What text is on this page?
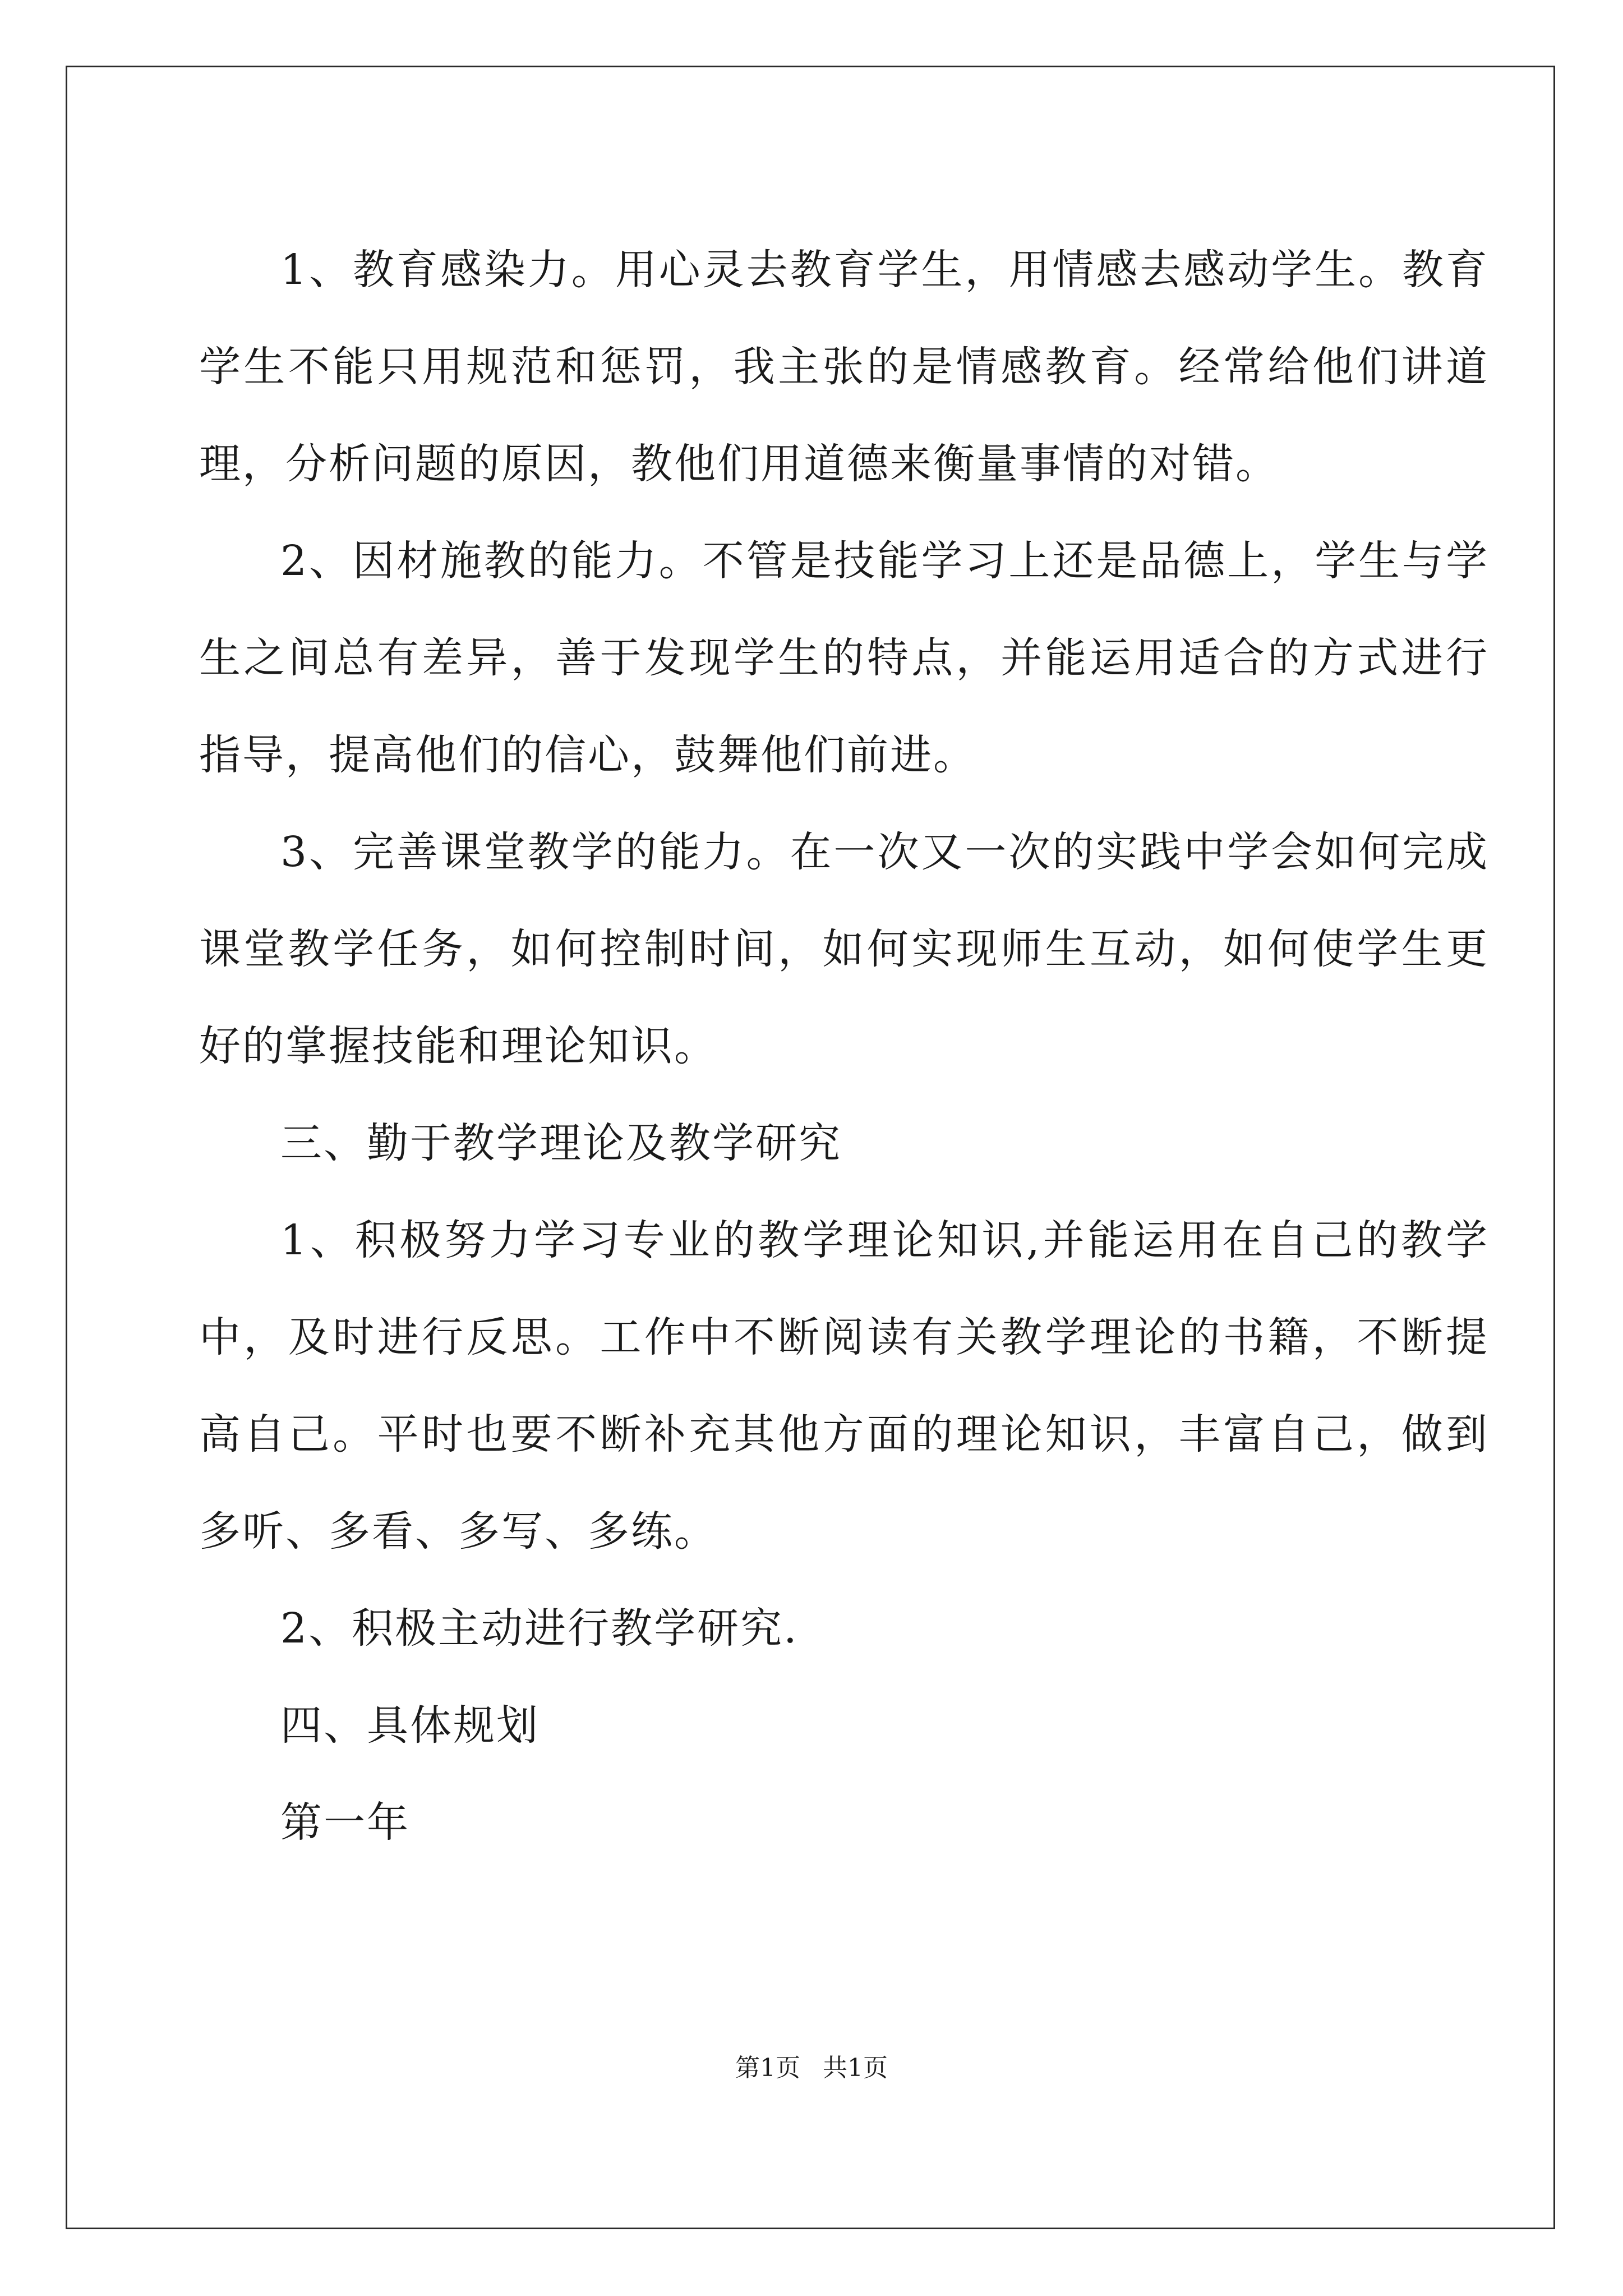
1、教育感染力。用心灵去教育学生，用情感去感动学生。教育学生不能只用规范和惩罚，我主张的是情感教育。经常给他们讲道理，分析问题的原因，教他们用道德来衡量事情的对错。

2、因材施教的能力。不管是技能学习上还是品德上，学生与学生之间总有差异，善于发现学生的特点，并能运用适合的方式进行指导，提高他们的信心，鼓舞他们前进。

3、完善课堂教学的能力。在一次又一次的实践中学会如何完成课堂教学任务，如何控制时间，如何实现师生互动，如何使学生更好的掌握技能和理论知识。

三、勤于教学理论及教学研究

1、积极努力学习专业的教学理论知识,并能运用在自己的教学中，及时进行反思。工作中不断阅读有关教学理论的书籍，不断提高自己。平时也要不断补充其他方面的理论知识，丰富自己，做到多听、多看、多写、多练。

2、积极主动进行教学研究.

四、具体规划

第一年

第1页 共1页
